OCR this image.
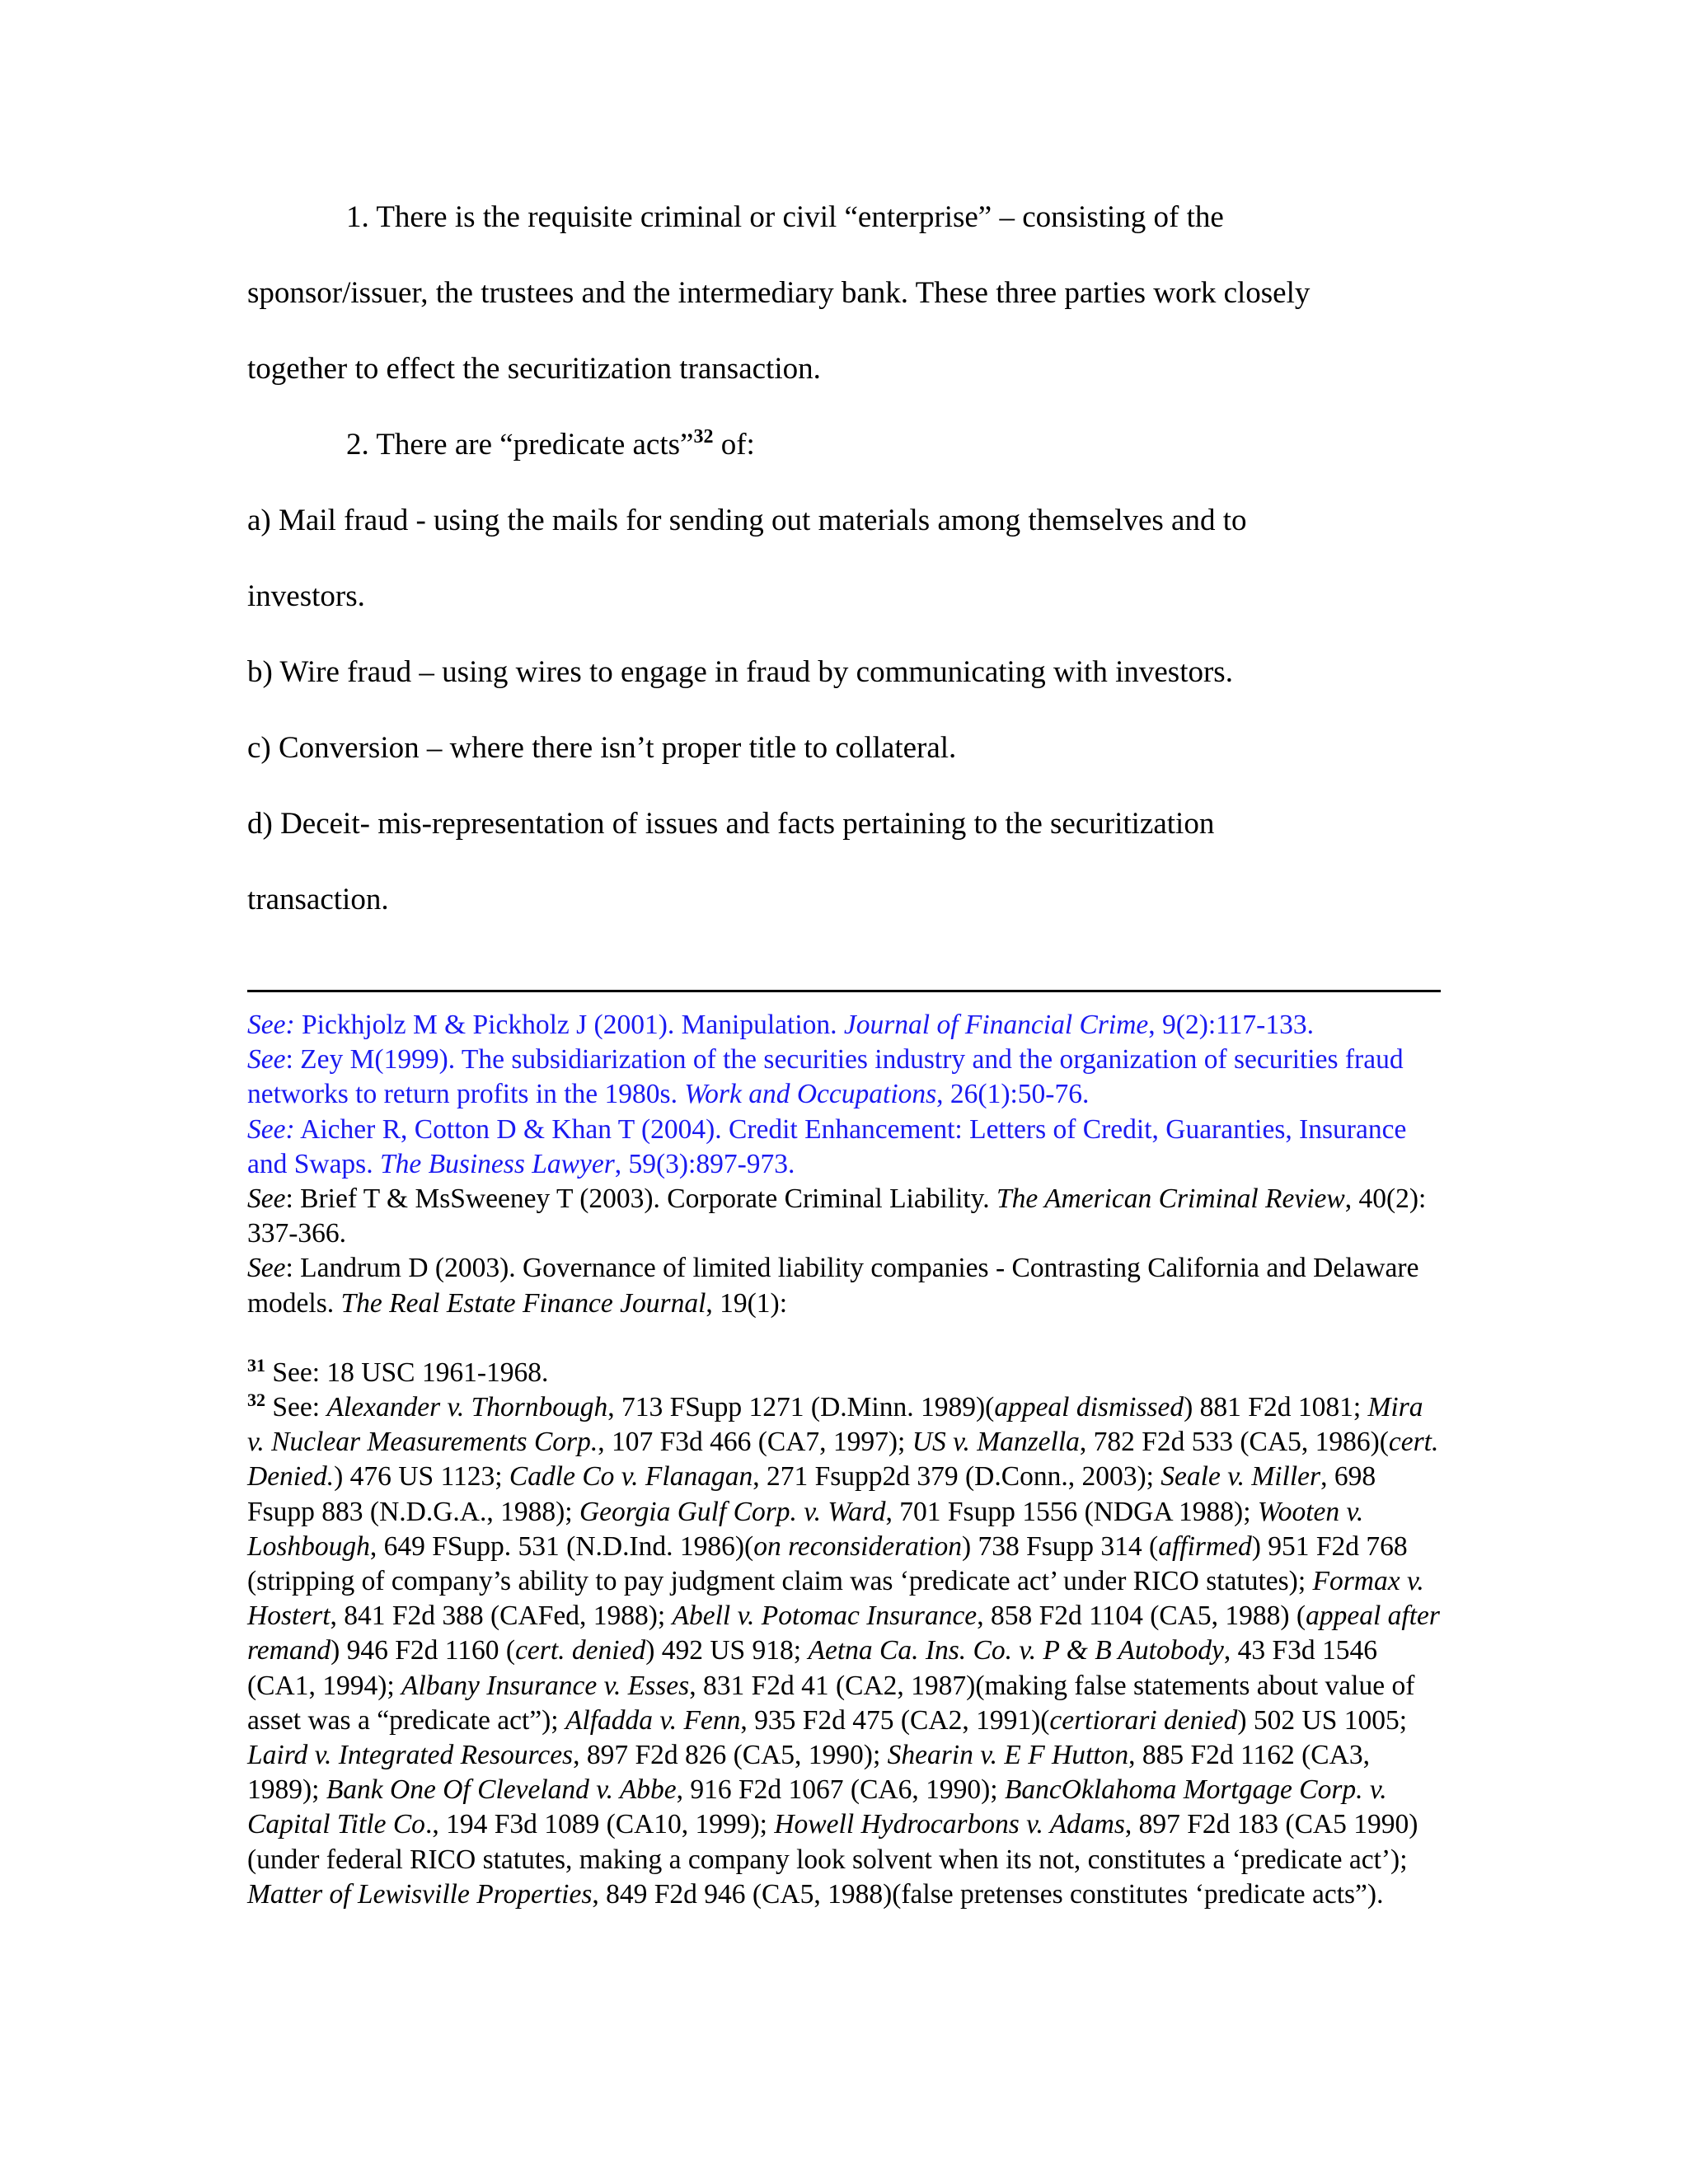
1. There is the requisite criminal or civil “enterprise” – consisting of the
sponsor/issuer, the trustees and the intermediary bank. These three parties work closely
together to effect the securitization transaction.
2. There are “predicate acts”$^{32}$ of:
a) Mail fraud - using the mails for sending out materials among themselves and to
investors.
b) Wire fraud – using wires to engage in fraud by communicating with investors.
c) Conversion – where there isn’t proper title to collateral.
d) Deceit- mis-representation of issues and facts pertaining to the securitization
transaction.

See: Pickhjolz M & Pickholz J (2001). Manipulation. Journal of Financial Crime, 9(2):117-133.

See: Zey M(1999). The subsidiarization of the securities industry and the organization of securities fraud networks to return profits in the 1980s. Work and Occupations, 26(1):50-76.

See: Aicher R, Cotton D & Khan T (2004). Credit Enhancement: Letters of Credit, Guaranties, Insurance and Swaps. The Business Lawyer, 59(3):897-973.

See: Brief T & MsSweeney T (2003). Corporate Criminal Liability. The American Criminal Review, 40(2): 337-366.

See: Landrum D (2003). Governance of limited liability companies - Contrasting California and Delaware models. The Real Estate Finance Journal, 19(1):

$^{31}$ See: 18 USC 1961-1968.

$^{32}$ See: Alexander v. Thornbough, 713 FSupp 1271 (D.Minn. 1989)(appeal dismissed) 881 F2d 1081; Mira v. Nuclear Measurements Corp., 107 F3d 466 (CA7, 1997); US v. Manzella, 782 F2d 533 (CA5, 1986)(cert. Denied.) 476 US 1123; Cadle Co v. Flanagan, 271 Fsupp2d 379 (D.Conn., 2003); Seale v. Miller, 698 Fsupp 883 (N.D.G.A., 1988); Georgia Gulf Corp. v. Ward, 701 Fsupp 1556 (NDGA 1988); Wooten v. Loshbough, 649 FSupp. 531 (N.D.Ind. 1986)(on reconsideration) 738 Fsupp 314 (affirmed) 951 F2d 768 (stripping of company’s ability to pay judgment claim was ‘predicate act’ under RICO statutes); Formax v. Hostert, 841 F2d 388 (CAFed, 1988); Abell v. Potomac Insurance, 858 F2d 1104 (CA5, 1988) (appeal after remand) 946 F2d 1160 (cert. denied) 492 US 918; Aetna Ca. Ins. Co. v. P & B Autobody, 43 F3d 1546 (CA1, 1994); Albany Insurance v. Esses, 831 F2d 41 (CA2, 1987)(making false statements about value of asset was a “predicate act”); Alfadda v. Fenn, 935 F2d 475 (CA2, 1991)(certiorari denied) 502 US 1005; Laird v. Integrated Resources, 897 F2d 826 (CA5, 1990); Shearin v. E F Hutton, 885 F2d 1162 (CA3, 1989); Bank One Of Cleveland v. Abbe, 916 F2d 1067 (CA6, 1990); BancOklahoma Mortgage Corp. v. Capital Title Co., 194 F3d 1089 (CA10, 1999); Howell Hydrocarbons v. Adams, 897 F2d 183 (CA5 1990)(under federal RICO statutes, making a company look solvent when its not, constitutes a ‘predicate act’); Matter of Lewisville Properties, 849 F2d 946 (CA5, 1988)(false pretenses constitutes ‘predicate acts”).
